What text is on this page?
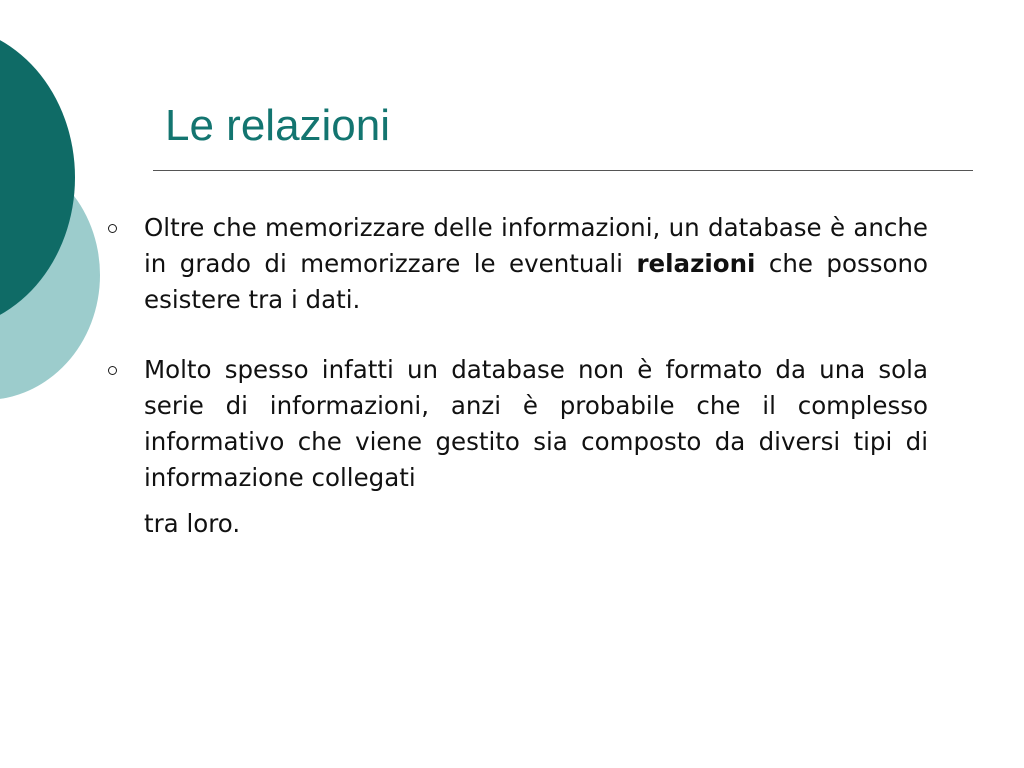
Le relazioni
Oltre che memorizzare delle informazioni, un database è anche in grado di memorizzare le eventuali relazioni che possono esistere tra i dati.
Molto spesso infatti un database non è formato da una sola serie di informazioni, anzi è probabile che il complesso informativo che viene gestito sia composto da diversi tipi di informazione collegati
tra loro.
